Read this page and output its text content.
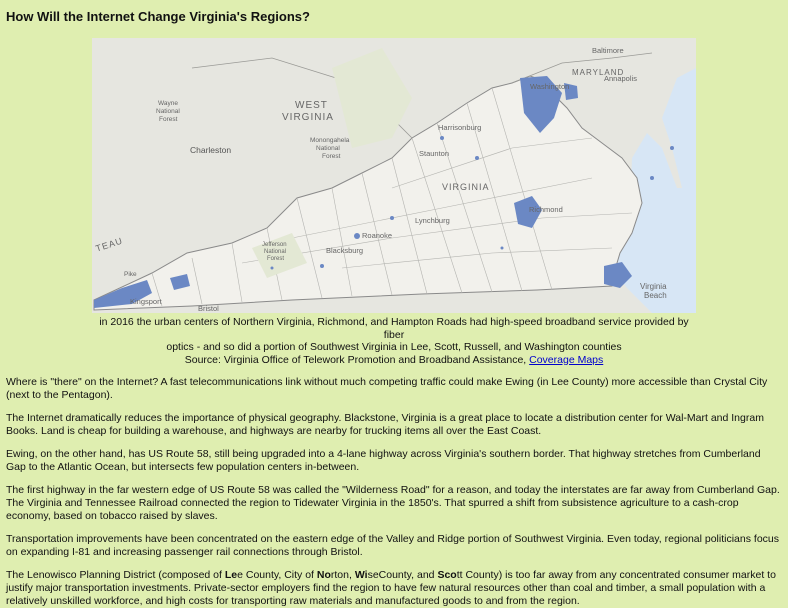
How Will the Internet Change Virginia's Regions?
Baltimore
MARYLAND
Annapolis
Washington
WEST
VIRGINIA
Wayne
National
Forest
Charleston
Harrisonburg
Monongahela
National
Forest	Staunton
VIRGINIA
Richmond
Lynchburg
Roanoke
Blacksburg
Jefferson
National
Forest
Virginia
Beach
Kingsport
Bristol
TEAU
Pike
in 2016 the urban centers of Northern Virginia, Richmond, and Hampton Roads had high-speed broadband service provided by fiber
optics - and so did a portion of Southwest Virginia in Lee, Scott, Russell, and Washington counties
Source: Virginia Office of Telework Promotion and Broadband Assistance, Coverage Maps

Where is "there" on the Internet? A fast telecommunications link without much competing traffic could make Ewing (in Lee County) more accessible than Crystal City (next to the Pentagon).

The Internet dramatically reduces the importance of physical geography. Blackstone, Virginia is a great place to locate a distribution center for Wal-Mart and Ingram Books. Land is cheap for building a warehouse, and highways are nearby for trucking items all over the East Coast.

Ewing, on the other hand, has US Route 58, still being upgraded into a 4-lane highway across Virginia's southern border. That highway stretches from Cumberland Gap to the Atlantic Ocean, but intersects few population centers in-between.

The first highway in the far western edge of US Route 58 was called the "Wilderness Road" for a reason, and today the interstates are far away from Cumberland Gap. The Virginia and Tennessee Railroad connected the region to Tidewater Virginia in the 1850's. That spurred a shift from subsistence agriculture to a cash-crop economy, based on tobacco raised by slaves.

Transportation improvements have been concentrated on the eastern edge of the Valley and Ridge portion of Southwest Virginia. Even today, regional politicians focus on expanding I-81 and increasing passenger rail connections through Bristol.

The Lenowisco Planning District (composed of Lee County, City of Norton, WiseCounty, and Scott County) is too far away from any concentrated consumer market to justify major transportation investments. Private-sector employers find the region to have few natural resources other than coal and timber, a small population with a relatively unskilled workforce, and high costs for transporting raw materials and manufactured goods to and from the region.
